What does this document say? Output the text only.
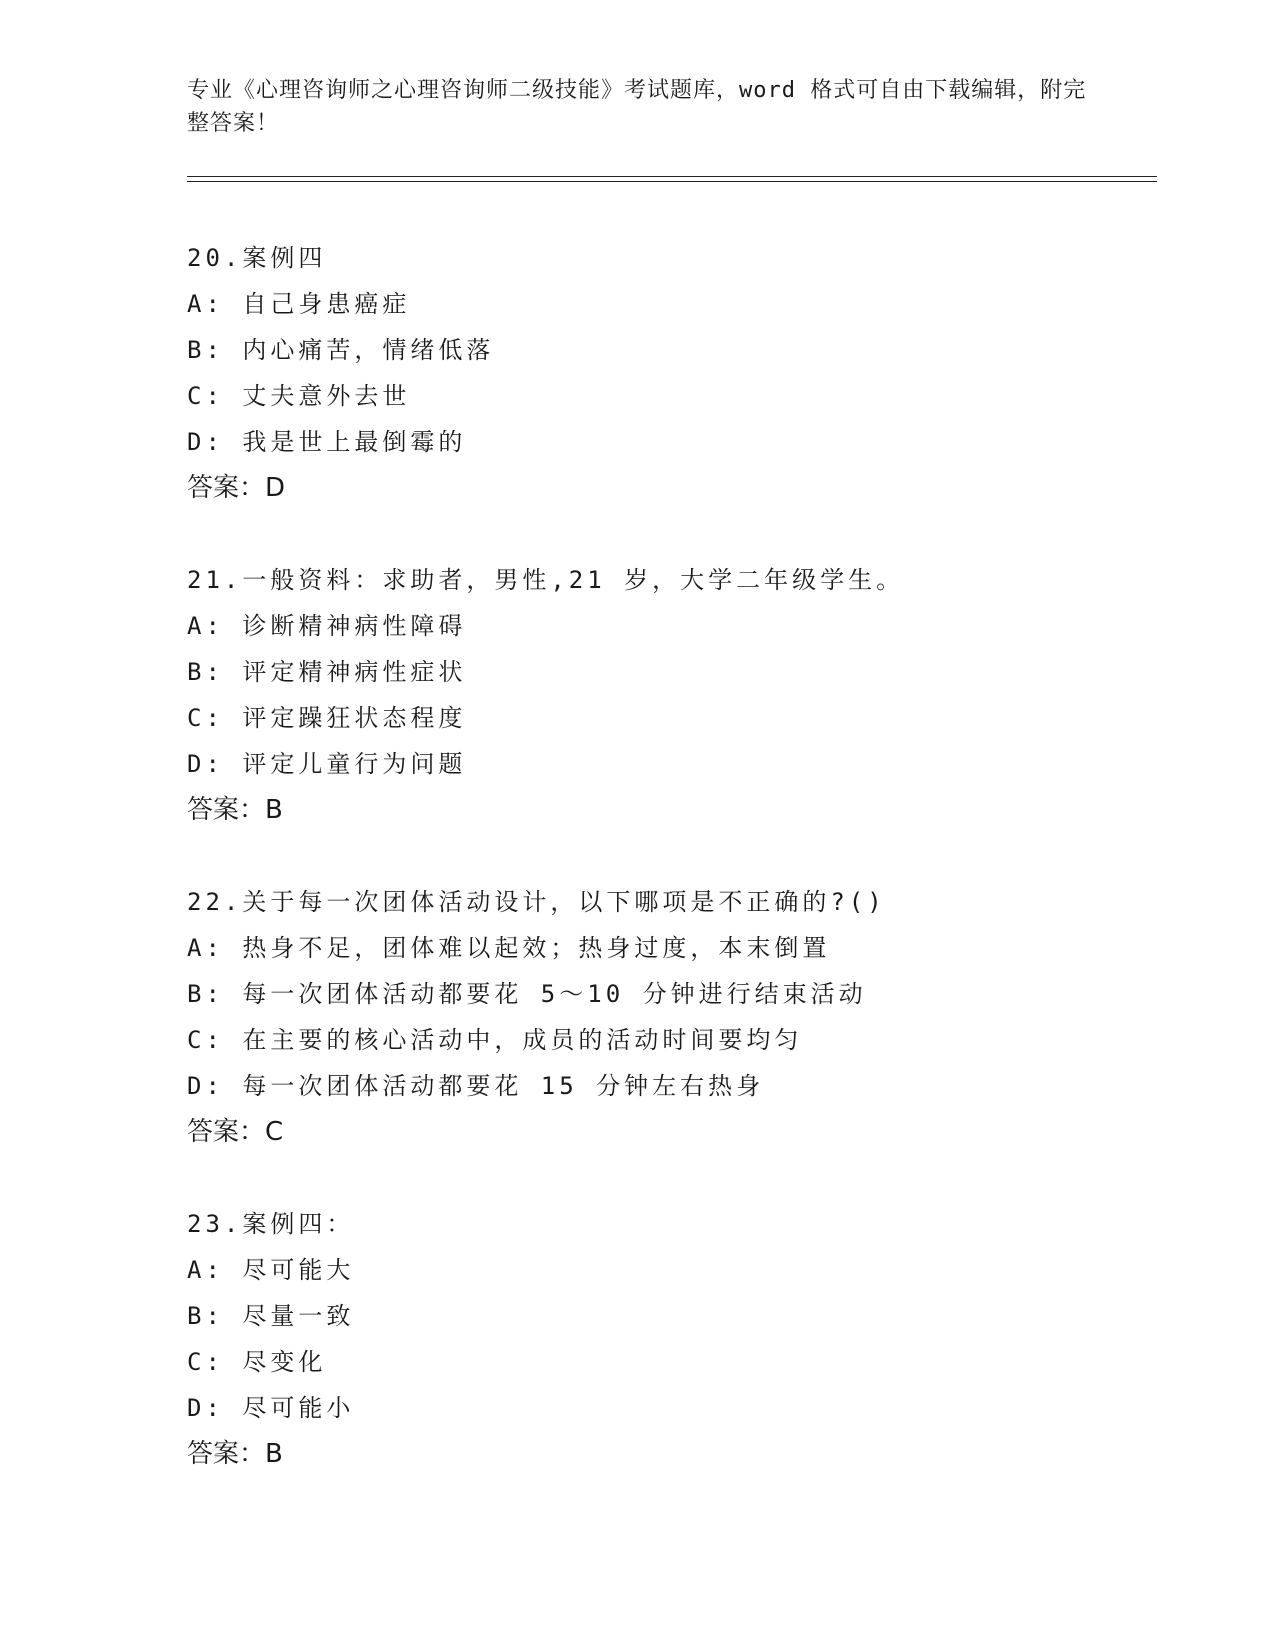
专业《心理咨询师之心理咨询师二级技能》考试题库，word 格式可自由下载编辑，附完整答案！
20.案例四
A: 自己身患癌症
B: 内心痛苦，情绪低落
C: 丈夫意外去世
D: 我是世上最倒霉的
答案：D
21.一般资料：求助者，男性,21 岁，大学二年级学生。
A: 诊断精神病性障碍
B: 评定精神病性症状
C: 评定躁狂状态程度
D: 评定儿童行为问题
答案：B
22.关于每一次团体活动设计，以下哪项是不正确的?()
A: 热身不足，团体难以起效；热身过度，本末倒置
B: 每一次团体活动都要花 5～10 分钟进行结束活动
C: 在主要的核心活动中，成员的活动时间要均匀
D: 每一次团体活动都要花 15 分钟左右热身
答案：C
23.案例四：
A: 尽可能大
B: 尽量一致
C: 尽变化
D: 尽可能小
答案：B
